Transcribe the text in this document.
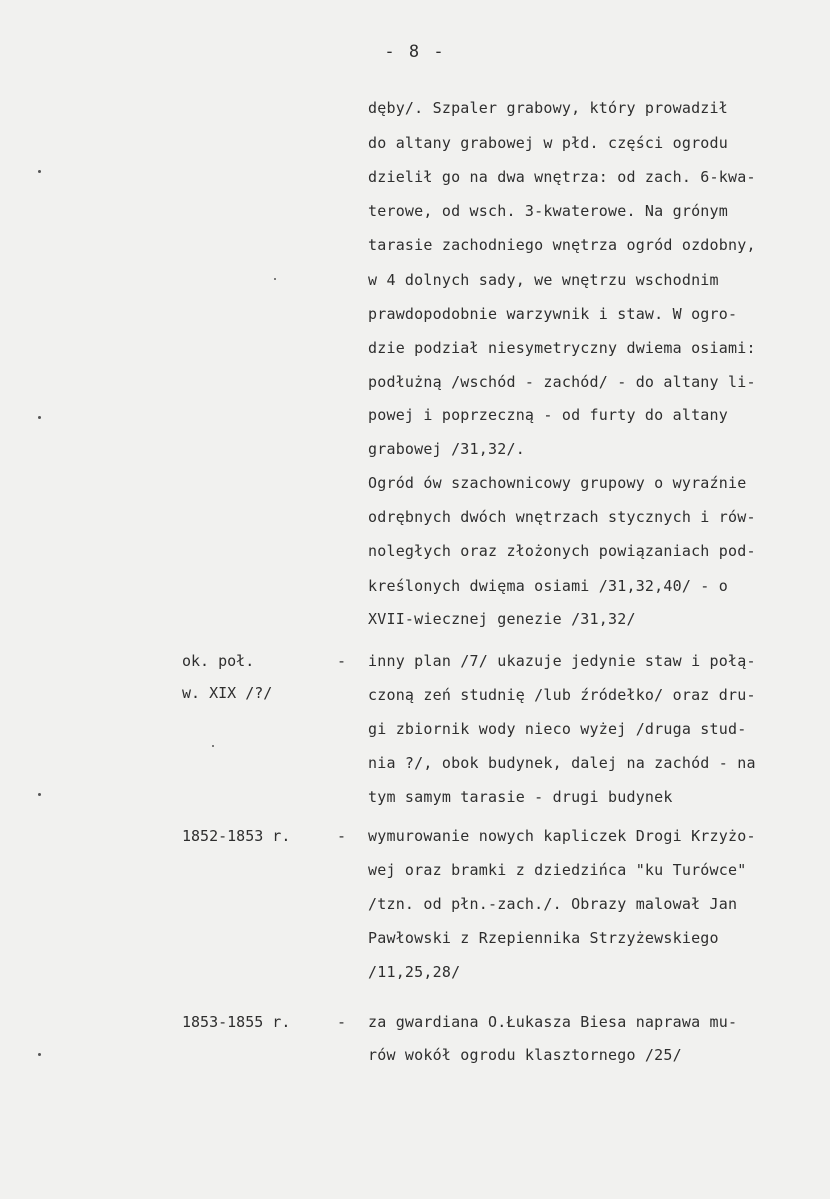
- 8 -
dęby/. Szpaler grabowy, który prowadził
do altany grabowej w płd. części ogrodu
dzielił go na dwa wnętrza: od zach. 6-kwa-
terowe, od wsch. 3-kwaterowe. Na grónym
tarasie zachodniego wnętrza ogród ozdobny,
w 4 dolnych sady, we wnętrzu wschodnim
prawdopodobnie warzywnik i staw. W ogro-
dzie podział niesymetryczny dwiema osiami:
podłużną /wschód - zachód/ - do altany li-
powej i poprzeczną - od furty do altany
grabowej /31,32/.
Ogród ów szachownicowy grupowy o wyraźnie
odrębnych dwóch wnętrzach stycznych i rów-
noległych oraz złożonych powiązaniach pod-
kreślonych dwięma osiami /31,32,40/ - o
XVII-wiecznej genezie /31,32/
ok. poł.
w. XIX /?/
- inny plan /7/ ukazuje jedynie staw i połą-
czoną zeń studnię /lub źródełko/ oraz dru-
gi zbiornik wody nieco wyżej /druga stud-
nia ?/, obok budynek, dalej na zachód - na
tym samym tarasie - drugi budynek
1852-1853 r.	- wymurowanie nowych kapliczek Drogi Krzyżo-
wej oraz bramki z dziedzińca "ku Turówce"
/tzn. od płn.-zach./. Obrazy malował Jan
Pawłowski z Rzepiennika Strzyżewskiego
/11,25,28/
1853-1855 r.	- za gwardiana O.Łukasza Biesa naprawa mu-
rów wokół ogrodu klasztornego /25/
